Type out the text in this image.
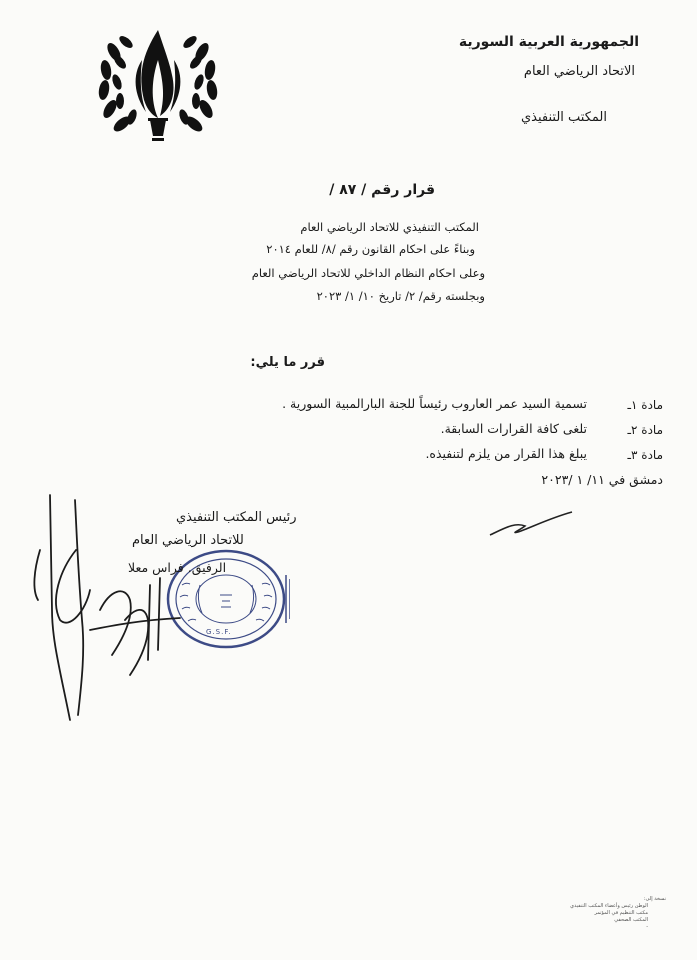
الجمهورية العربية السورية
الاتحاد الرياضي العام
المكتب التنفيذي
قرار رقم / ٨٧ /
المكتب التنفيذي للاتحاد الرياضي العام
وبناءً على احكام القانون رقم /٨/ للعام ٢٠١٤
وعلى احكام النظام الداخلي للاتحاد الرياضي العام
وبجلسته رقم/ ٢/ تاريخ ١٠/ ١/ ٢٠٢٣
قرر ما يلي:
مادة ١ـ
تسمية السيد عمر العاروب رئيساً للجنة البارالمبية السورية .
مادة ٢ـ
تلغى كافة القرارات السابقة.
مادة ٣ـ
يبلغ هذا القرار من يلزم لتنفيذه.
دمشق في ١١/ ١ /٢٠٢٣
G.S.F.
رئيس المكتب التنفيذي
للاتحاد الرياضي العام
الرفيق. فراس معلا
نسخة إلى:
الوطن رئيس وأعضاء المكتب التنفيذي
مكتب التنظيم في المؤتمر
المكتب الصحفي
-
